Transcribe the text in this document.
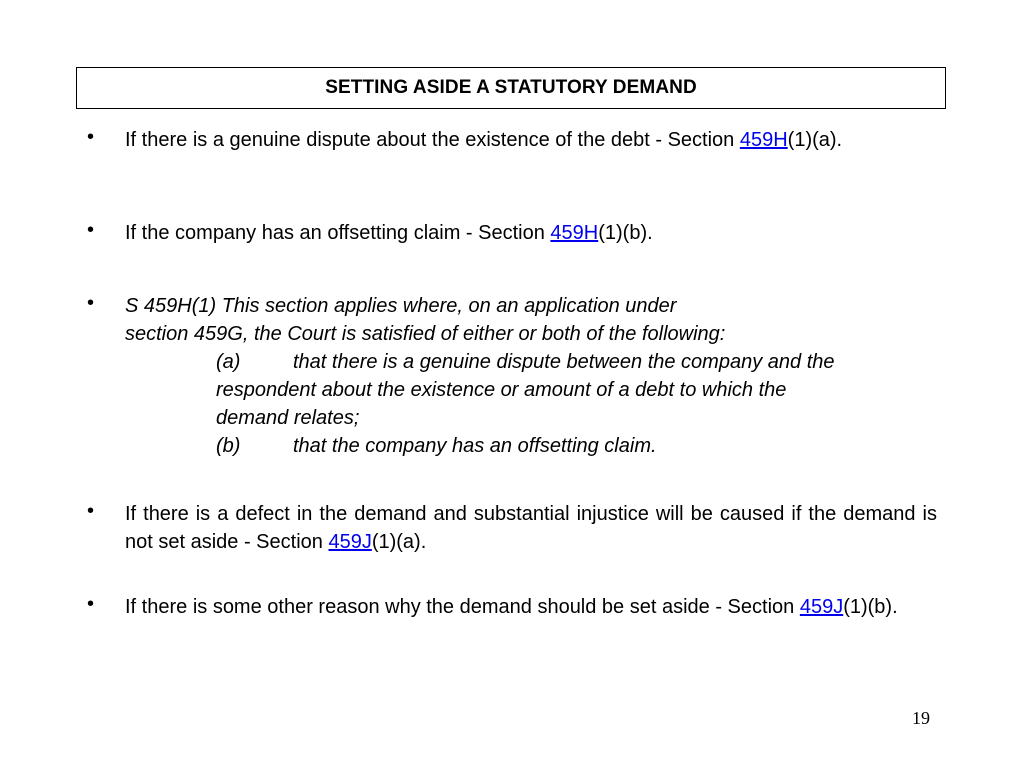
SETTING ASIDE A STATUTORY DEMAND
• If there is a genuine dispute about the existence of the debt - Section 459H(1)(a).
• If the company has an offsetting claim - Section 459H(1)(b).
• S 459H(1) This section applies where, on an application under
section 459G, the Court is satisfied of either or both of the following:
(a)	that there is a genuine dispute between the company and the
respondent about the existence or amount of a debt to which the
demand relates;
(b)	that the company has an offsetting claim.
• If there is a defect in the demand and substantial injustice will be caused if the demand is not set aside - Section 459J(1)(a).
• If there is some other reason why the demand should be set aside - Section 459J(1)(b).
19
